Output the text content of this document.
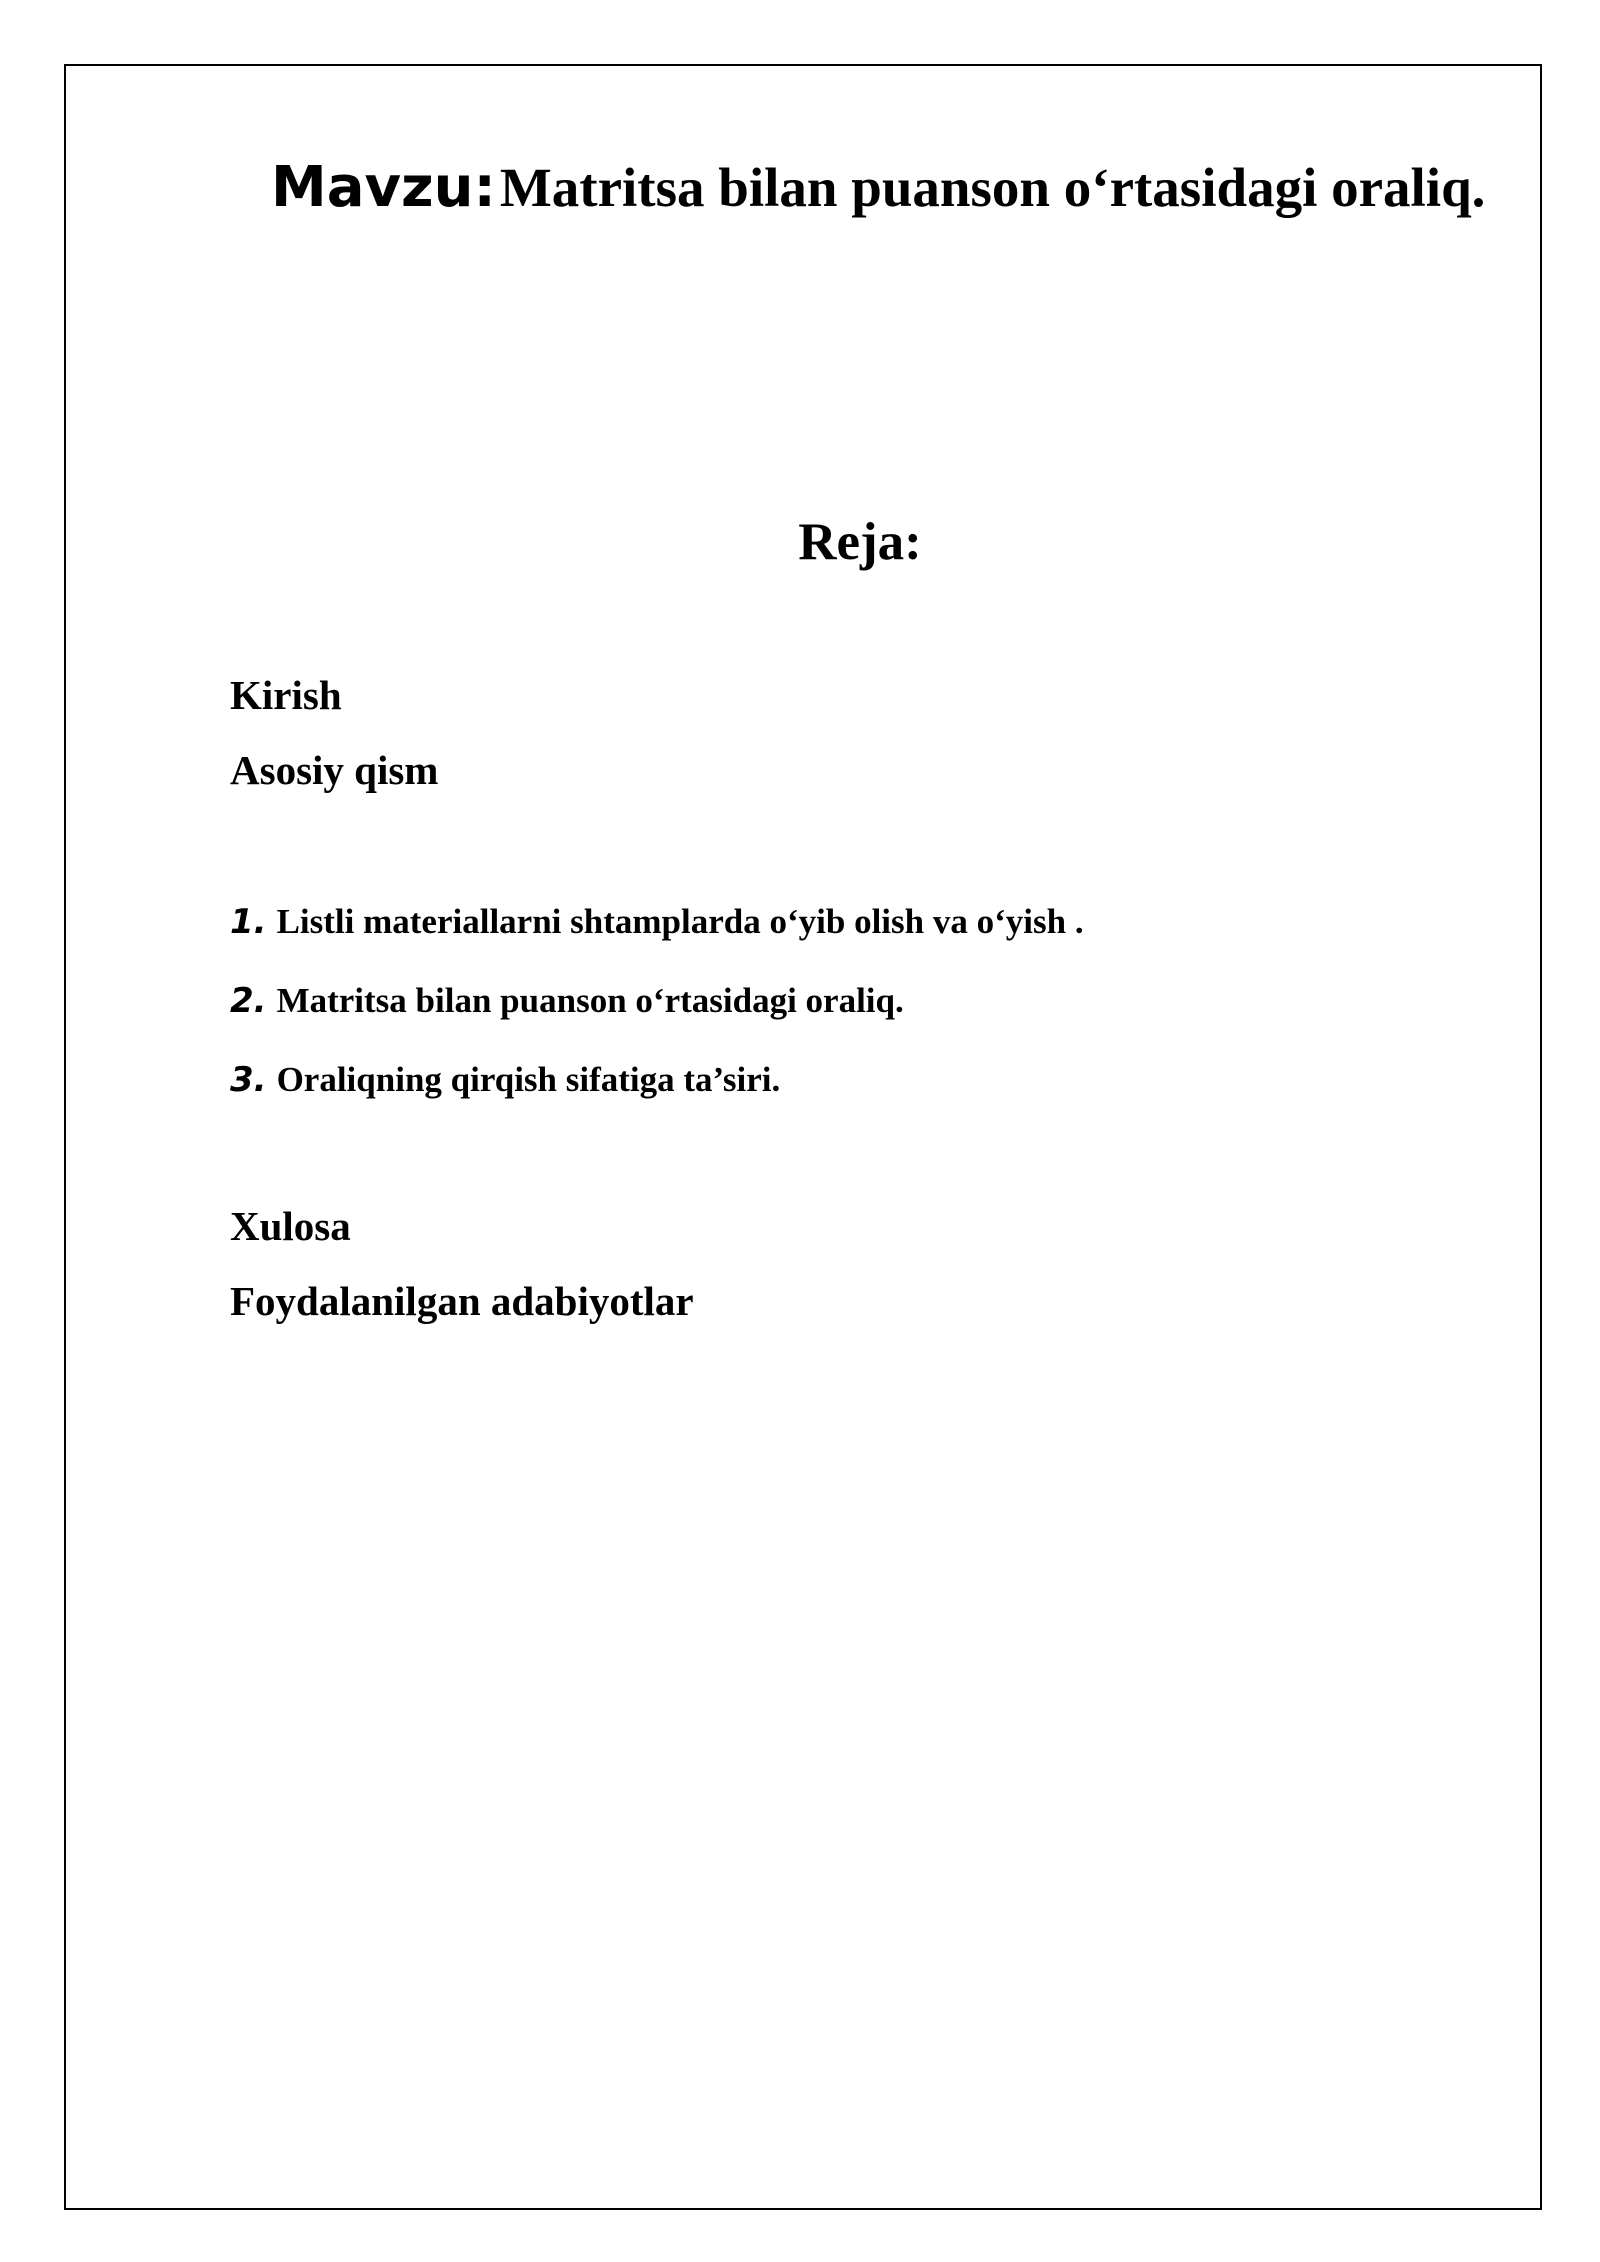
Mavzu: Matritsa bilan puanson o‘rtasidagi oraliq.
Reja:
Kirish
Asosiy qism
1. Listli materiallarni shtamplarda o‘yib olish va o‘yish .
2. Matritsa bilan puanson o‘rtasidagi oraliq.
3. Oraliqning qirqish sifatiga ta’siri.
Xulosa
Foydalanilgan adabiyotlar
